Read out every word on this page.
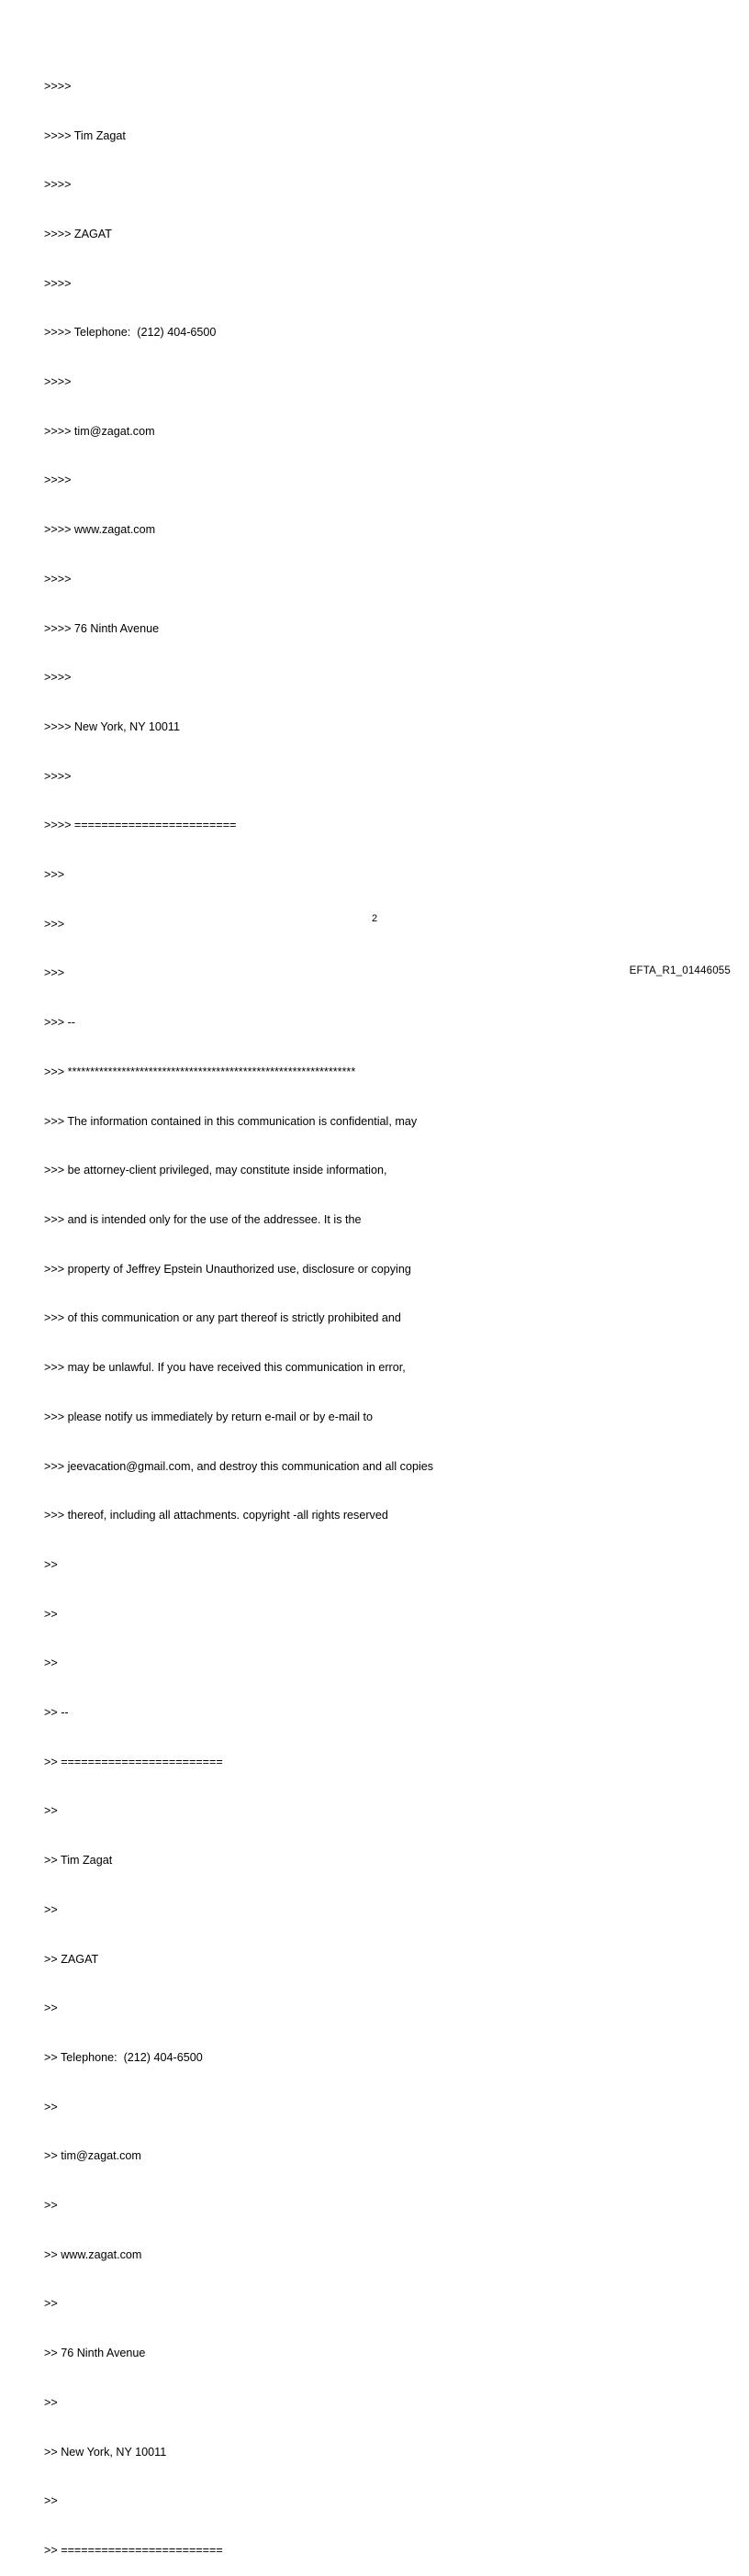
>>>>

>>>> Tim Zagat

>>>>

>>>> ZAGAT

>>>>

>>>> Telephone:  (212) 404-6500

>>>>

>>>> tim@zagat.com

>>>>

>>>> www.zagat.com

>>>>

>>>> 76 Ninth Avenue

>>>>

>>>> New York, NY 10011

>>>>

>>>> ========================

>>>

>>>

>>>

>>> --

>>> ****************************************************************

>>> The information contained in this communication is confidential, may

>>> be attorney-client privileged, may constitute inside information,

>>> and is intended only for the use of the addressee. It is the

>>> property of Jeffrey Epstein Unauthorized use, disclosure or copying

>>> of this communication or any part thereof is strictly prohibited and

>>> may be unlawful. If you have received this communication in error,

>>> please notify us immediately by return e-mail or by e-mail to

>>> jeevacation@gmail.com, and destroy this communication and all copies

>>> thereof, including all attachments. copyright -all rights reserved

>>

>>

>>

>> --

>> ========================

>>

>> Tim Zagat

>>

>> ZAGAT

>>

>> Telephone:  (212) 404-6500

>>

>> tim@zagat.com

>>

>> www.zagat.com

>>

>> 76 Ninth Avenue

>>

>> New York, NY 10011

>>

>> ========================

2
EFTA_R1_01446055
